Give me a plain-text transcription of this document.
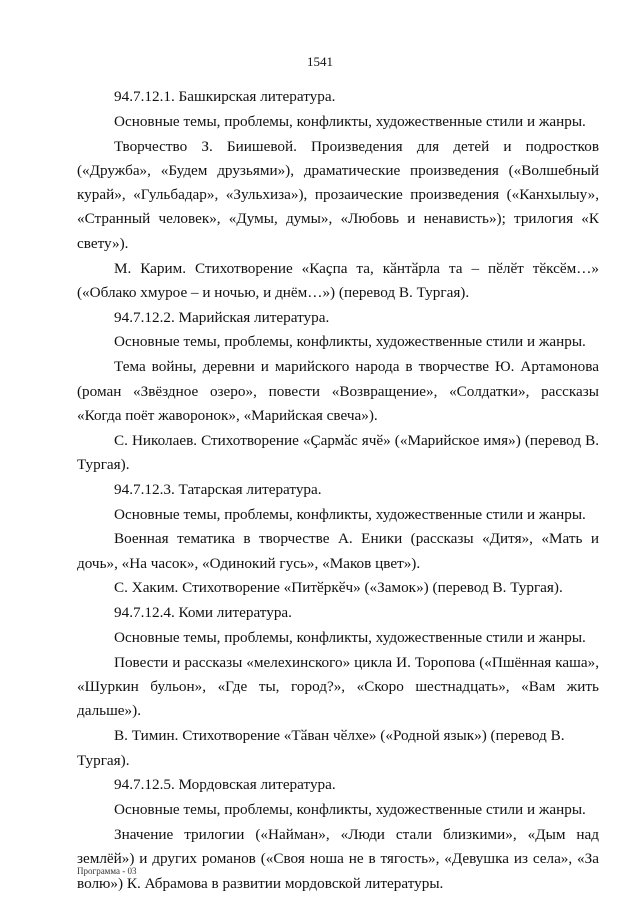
1541

94.7.12.1. Башкирская литература.

Основные темы, проблемы, конфликты, художественные стили и жанры.

Творчество З. Биишевой. Произведения для детей и подростков («Дружба», «Будем друзьями»), драматические произведения («Волшебный курай», «Гульбадар», «Зульхиза»), прозаические произведения («Канхылыу», «Странный человек», «Думы, думы», «Любовь и ненависть»); трилогия «К свету»).

М. Карим. Стихотворение «Каҫпа та, кӑнтӑрла та – пӗлӗт тӗксӗм…» («Облако хмурое – и ночью, и днём…») (перевод В. Тургая).

94.7.12.2. Марийская литература.

Основные темы, проблемы, конфликты, художественные стили и жанры.

Тема войны, деревни и марийского народа в творчестве Ю. Артамонова (роман «Звёздное озеро», повести «Возвращение», «Солдатки», рассказы «Когда поёт жаворонок», «Марийская свеча»).

С. Николаев. Стихотворение «Ҫармӑс ячӗ» («Марийское имя») (перевод В. Тургая).

94.7.12.3. Татарская литература.

Основные темы, проблемы, конфликты, художественные стили и жанры.

Военная тематика в творчестве А. Еники (рассказы «Дитя», «Мать и дочь», «На часок», «Одинокий гусь», «Маков цвет»).

С. Хаким. Стихотворение «Питӗркӗч» («Замок») (перевод В. Тургая).

94.7.12.4. Коми литература.

Основные темы, проблемы, конфликты, художественные стили и жанры.

Повести и рассказы «мелехинского» цикла И. Торопова («Пшённая каша», «Шуркин бульон», «Где ты, город?», «Скоро шестнадцать», «Вам жить дальше»).

В. Тимин. Стихотворение «Тӑван чӗлхе» («Родной язык») (перевод В. Тургая).

94.7.12.5. Мордовская литература.

Основные темы, проблемы, конфликты, художественные стили и жанры.

Значение трилогии («Найман», «Люди стали близкими», «Дым над землёй») и других романов («Своя ноша не в тягость», «Девушка из села», «За волю») К. Абрамова в развитии мордовской литературы.

Программа - 03
